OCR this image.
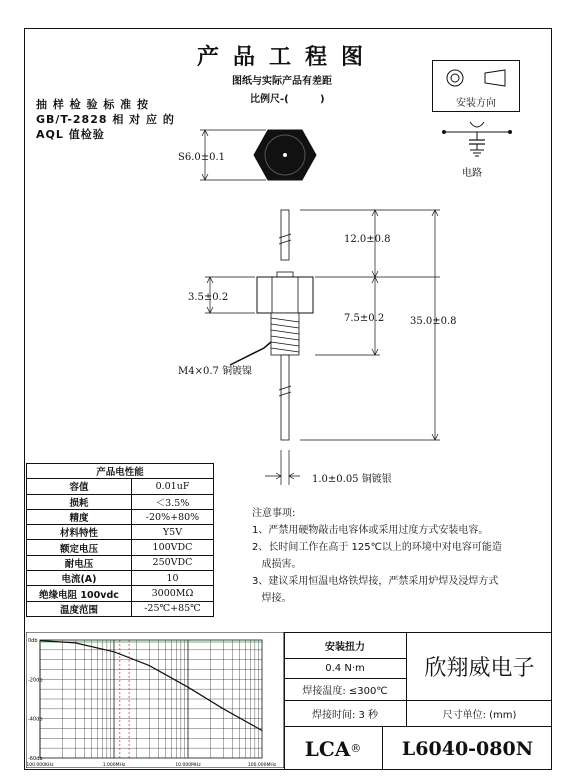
产品工程图
图纸与实际产品有差距
比例尺-(         )
抽 样 检 验 标 准 按
GB/T-2828 相 对 应 的
AQL 值检验
安装方向
电路
S6.0±0.1
12.0±0.8
3.5±0.2
7.5±0.2	35.0±0.8
M4×0.7 铜镀镍
1.0±0.05 铜镀银
注意事项:
1、严禁用硬物敲击电容体或采用过度方式安装电容。
2、长时间工作在高于 125℃以上的环境中对电容可能造
成损害。
3、建议采用恒温电烙铁焊接，严禁采用炉焊及浸焊方式
焊接。
产品电性能	
容值	0.01uF
损耗	＜3.5%
精度	-20%+80%
材料特性	Y5V
额定电压	100VDC
耐电压	250VDC
电流(A)	10
绝缘电阻 100vdc	3000MΩ
温度范围	-25℃+85℃
0db
-20db
-40db
-60db
100.000KHz	1.000MHz	10.000MHz	100.000MHz
安装扭力
0.4 N·m
焊接温度: ≤300℃
焊接时间: 3 秒
欣翔威电子
尺寸单位: (mm)
LCA ®	L6040-080N
